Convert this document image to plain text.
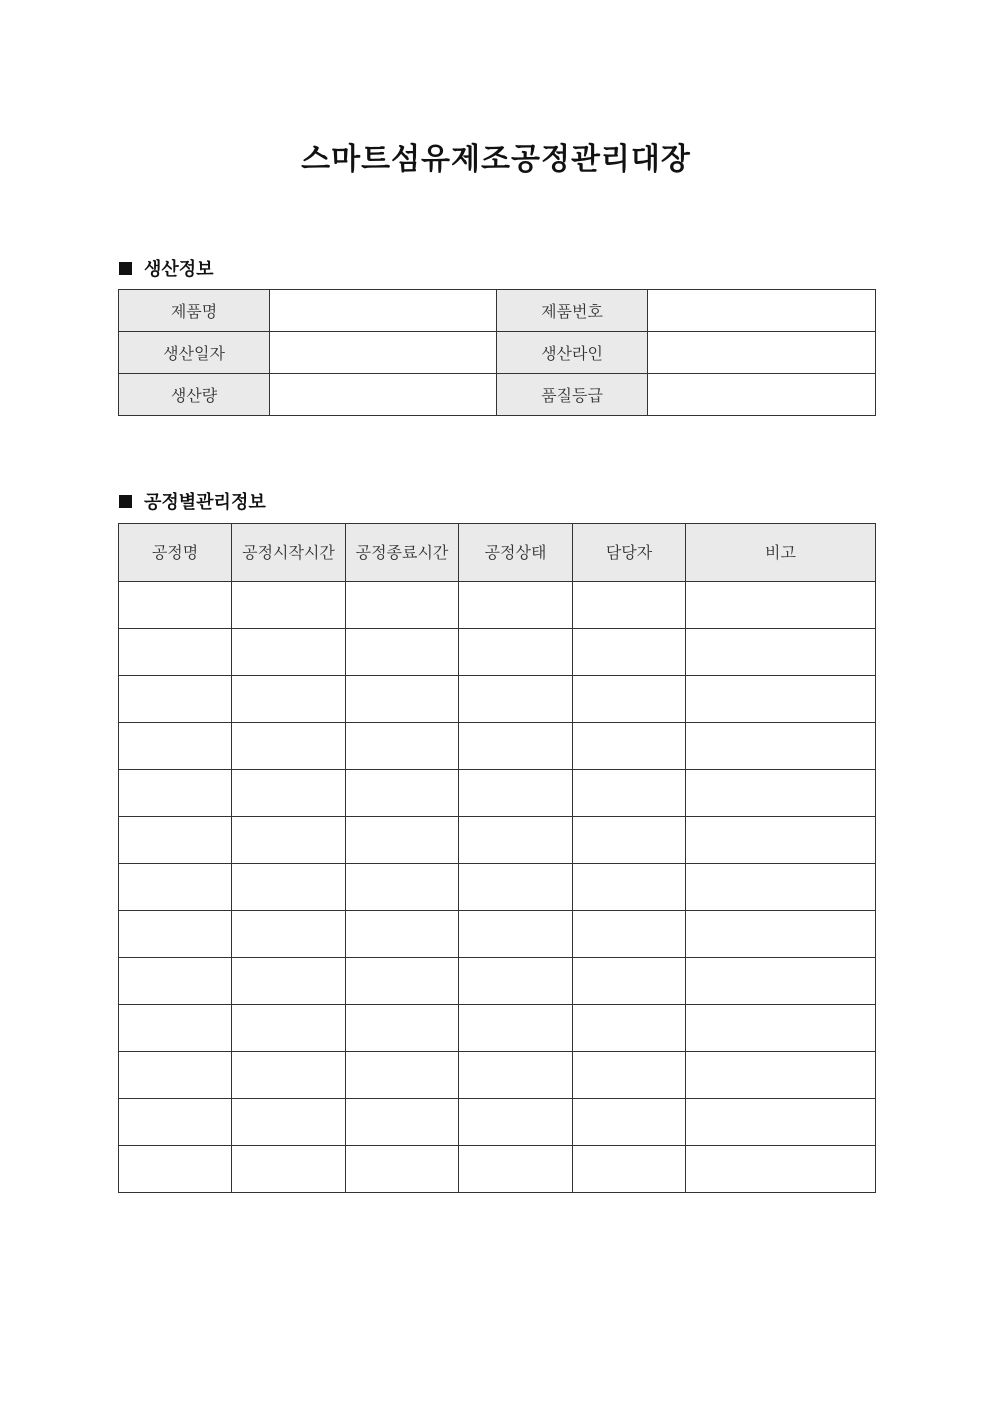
스마트섬유제조공정관리대장
생산정보
제품명		제품번호	
생산일자		생산라인	
생산량		품질등급	
공정별관리정보
공정명	공정시작시간	공정종료시간	공정상태	담당자	비고
